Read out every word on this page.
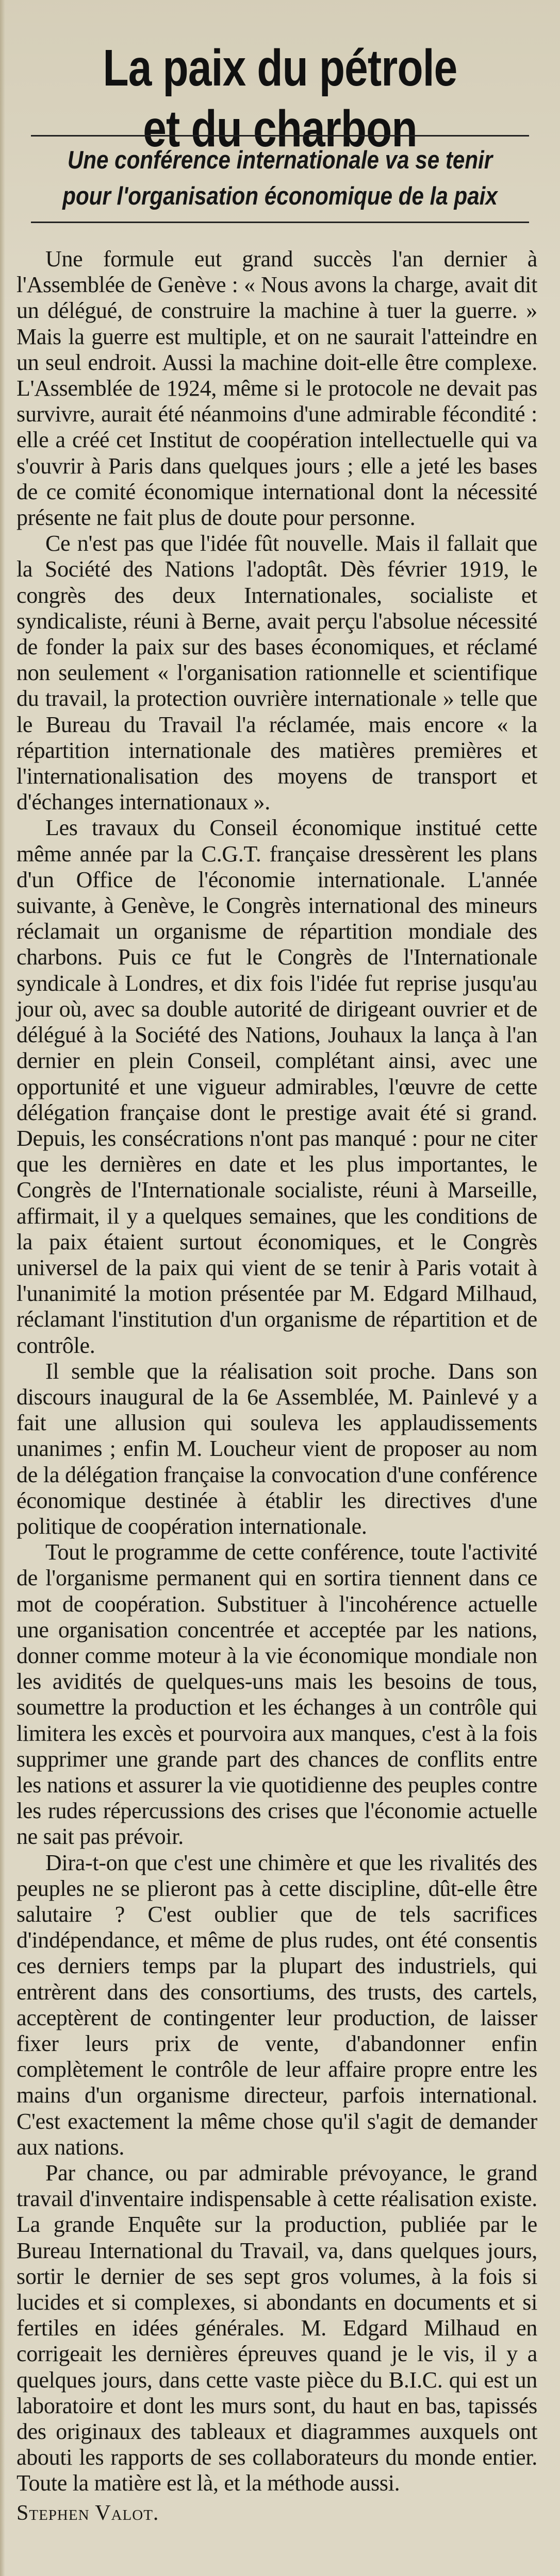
La paix du pétrole
et du charbon
Une conférence internationale va se tenir
pour l'organisation économique de la paix

Une formule eut grand succès l'an dernier à l'Assemblée de Genève : « Nous avons la charge, avait dit un délégué, de construire la machine à tuer la guerre. » Mais la guerre est multiple, et on ne saurait l'atteindre en un seul endroit. Aussi la machine doit-elle être complexe. L'Assemblée de 1924, même si le protocole ne devait pas survivre, aurait été néanmoins d'une admirable fécondité : elle a créé cet Institut de coopération intellectuelle qui va s'ouvrir à Paris dans quelques jours ; elle a jeté les bases de ce comité économique international dont la nécessité présente ne fait plus de doute pour personne.

Ce n'est pas que l'idée fût nouvelle. Mais il fallait que la Société des Nations l'adoptât. Dès février 1919, le congrès des deux Internationales, socialiste et syndicaliste, réuni à Berne, avait perçu l'absolue nécessité de fonder la paix sur des bases économiques, et réclamé non seulement « l'organisation rationnelle et scientifique du travail, la protection ouvrière internationale » telle que le Bureau du Travail l'a réclamée, mais encore « la répartition internationale des matières premières et l'internationalisation des moyens de transport et d'échanges internationaux ».

Les travaux du Conseil économique institué cette même année par la C.G.T. française dressèrent les plans d'un Office de l'économie internationale. L'année suivante, à Genève, le Congrès international des mineurs réclamait un organisme de répartition mondiale des charbons. Puis ce fut le Congrès de l'Internationale syndicale à Londres, et dix fois l'idée fut reprise jusqu'au jour où, avec sa double autorité de dirigeant ouvrier et de délégué à la Société des Nations, Jouhaux la lança à l'an dernier en plein Conseil, complétant ainsi, avec une opportunité et une vigueur admirables, l'œuvre de cette délégation française dont le prestige avait été si grand. Depuis, les consécrations n'ont pas manqué : pour ne citer que les dernières en date et les plus importantes, le Congrès de l'Internationale socialiste, réuni à Marseille, affirmait, il y a quelques semaines, que les conditions de la paix étaient surtout économiques, et le Congrès universel de la paix qui vient de se tenir à Paris votait à l'unanimité la motion présentée par M. Edgard Milhaud, réclamant l'institution d'un organisme de répartition et de contrôle.

Il semble que la réalisation soit proche. Dans son discours inaugural de la 6e Assemblée, M. Painlevé y a fait une allusion qui souleva les applaudissements unanimes ; enfin M. Loucheur vient de proposer au nom de la délégation française la convocation d'une conférence économique destinée à établir les directives d'une politique de coopération internationale.

Tout le programme de cette conférence, toute l'activité de l'organisme permanent qui en sortira tiennent dans ce mot de coopération. Substituer à l'incohérence actuelle une organisation concentrée et acceptée par les nations, donner comme moteur à la vie économique mondiale non les avidités de quelques-uns mais les besoins de tous, soumettre la production et les échanges à un contrôle qui limitera les excès et pourvoira aux manques, c'est à la fois supprimer une grande part des chances de conflits entre les nations et assurer la vie quotidienne des peuples contre les rudes répercussions des crises que l'économie actuelle ne sait pas prévoir.

Dira-t-on que c'est une chimère et que les rivalités des peuples ne se plieront pas à cette discipline, dût-elle être salutaire ? C'est oublier que de tels sacrifices d'indépendance, et même de plus rudes, ont été consentis ces derniers temps par la plupart des industriels, qui entrèrent dans des consortiums, des trusts, des cartels, acceptèrent de contingenter leur production, de laisser fixer leurs prix de vente, d'abandonner enfin complètement le contrôle de leur affaire propre entre les mains d'un organisme directeur, parfois international. C'est exactement la même chose qu'il s'agit de demander aux nations.

Par chance, ou par admirable prévoyance, le grand travail d'inventaire indispensable à cette réalisation existe. La grande Enquête sur la production, publiée par le Bureau International du Travail, va, dans quelques jours, sortir le dernier de ses sept gros volumes, à la fois si lucides et si complexes, si abondants en documents et si fertiles en idées générales. M. Edgard Milhaud en corrigeait les dernières épreuves quand je le vis, il y a quelques jours, dans cette vaste pièce du B.I.C. qui est un laboratoire et dont les murs sont, du haut en bas, tapissés des originaux des tableaux et diagrammes auxquels ont abouti les rapports de ses collaborateurs du monde entier. Toute la matière est là, et la méthode aussi.

Stephen Valot.
